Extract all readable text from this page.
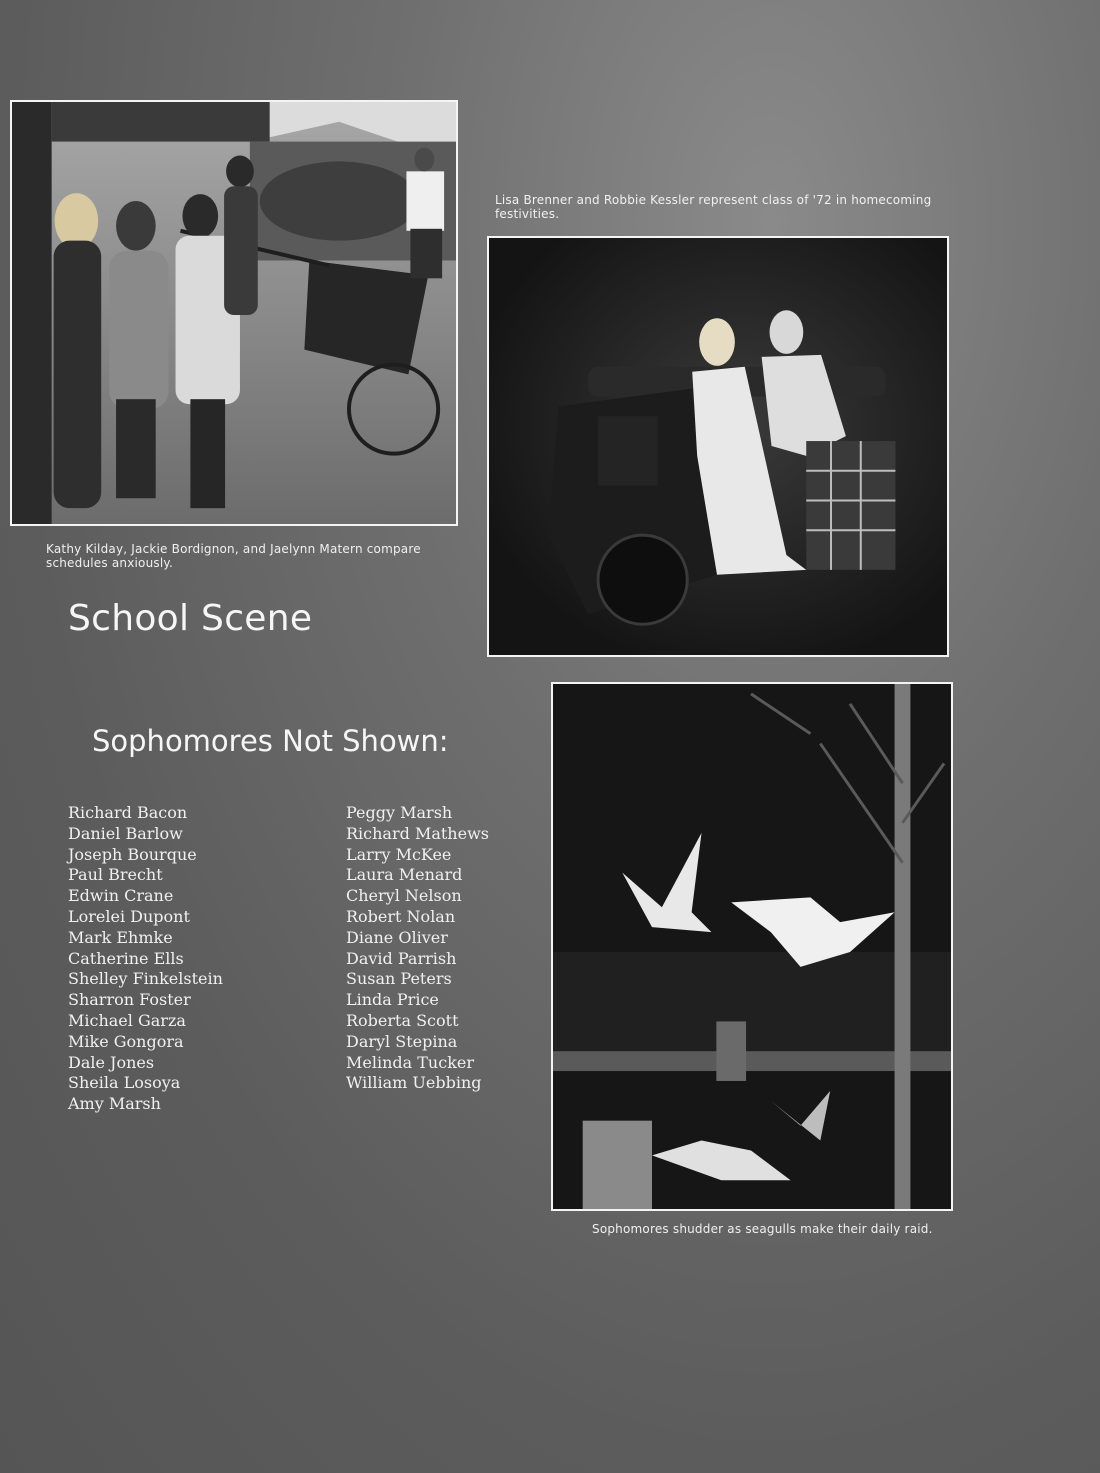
Kathy Kilday, Jackie Bordignon, and Jaelynn Matern compare schedules anxiously.
Lisa Brenner and Robbie Kessler represent class of '72 in homecoming festivities.
Sophomores shudder as seagulls make their daily raid.
School Scene
Sophomores Not Shown:
Richard Bacon
Daniel Barlow
Joseph Bourque
Paul Brecht
Edwin Crane
Lorelei Dupont
Mark Ehmke
Catherine Ells
Shelley Finkelstein
Sharron Foster
Michael Garza
Mike Gongora
Dale Jones
Sheila Losoya
Amy Marsh
Peggy Marsh
Richard Mathews
Larry McKee
Laura Menard
Cheryl Nelson
Robert Nolan
Diane Oliver
David Parrish
Susan Peters
Linda Price
Roberta Scott
Daryl Stepina
Melinda Tucker
William Uebbing
